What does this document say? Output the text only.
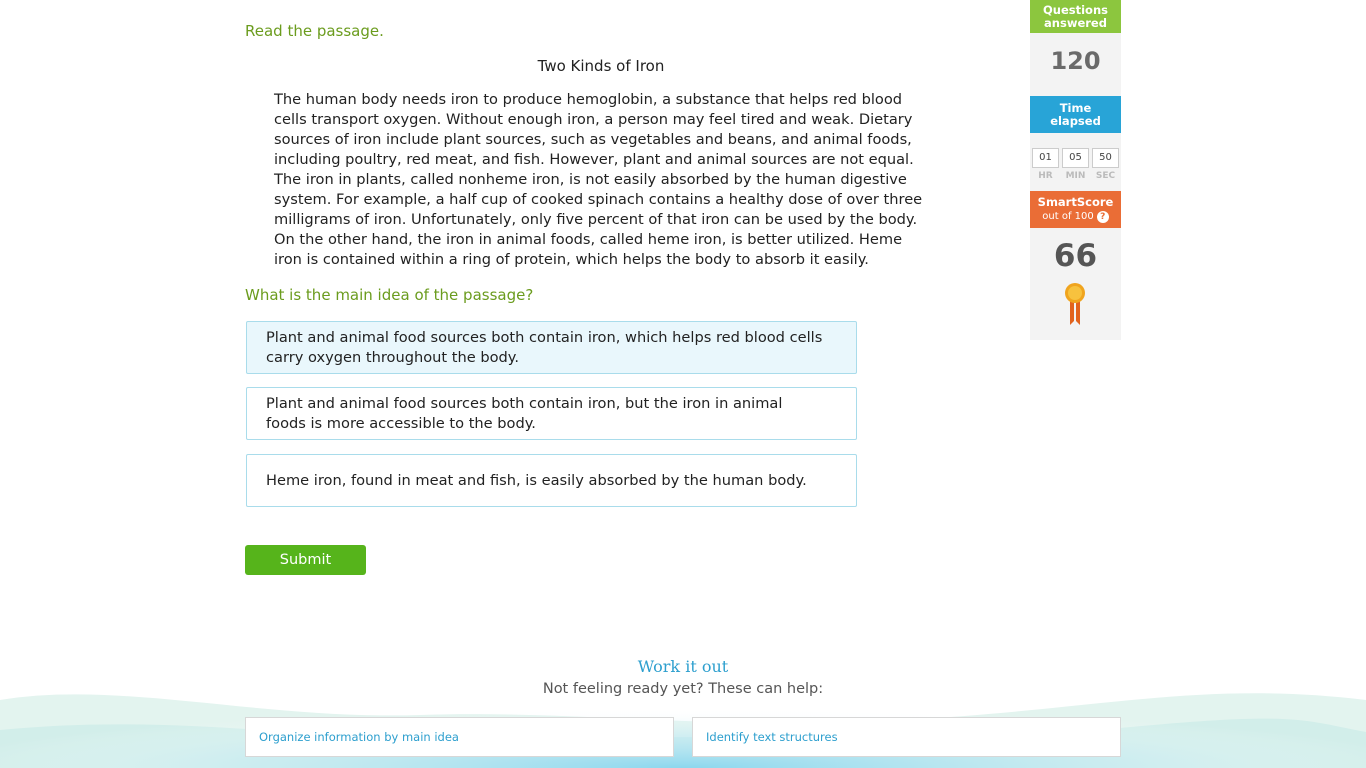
Read the passage.
Two Kinds of Iron
The human body needs iron to produce hemoglobin, a substance that helps red blood cells transport oxygen. Without enough iron, a person may feel tired and weak. Dietary sources of iron include plant sources, such as vegetables and beans, and animal foods, including poultry, red meat, and fish. However, plant and animal sources are not equal. The iron in plants, called nonheme iron, is not easily absorbed by the human digestive system. For example, a half cup of cooked spinach contains a healthy dose of over three milligrams of iron. Unfortunately, only five percent of that iron can be used by the body. On the other hand, the iron in animal foods, called heme iron, is better utilized. Heme iron is contained within a ring of protein, which helps the body to absorb it easily.
What is the main idea of the passage?
Plant and animal food sources both contain iron, which helps red blood cells carry oxygen throughout the body.
Plant and animal food sources both contain iron, but the iron in animal foods is more accessible to the body.
Heme iron, found in meat and fish, is easily absorbed by the human body.
Submit
Questions
answered
120
Time
elapsed
01
HR
05
MIN
50
SEC
SmartScore
out of 100 ?
66
Work it out
Not feeling ready yet? These can help:
Organize information by main idea	Identify text structures
